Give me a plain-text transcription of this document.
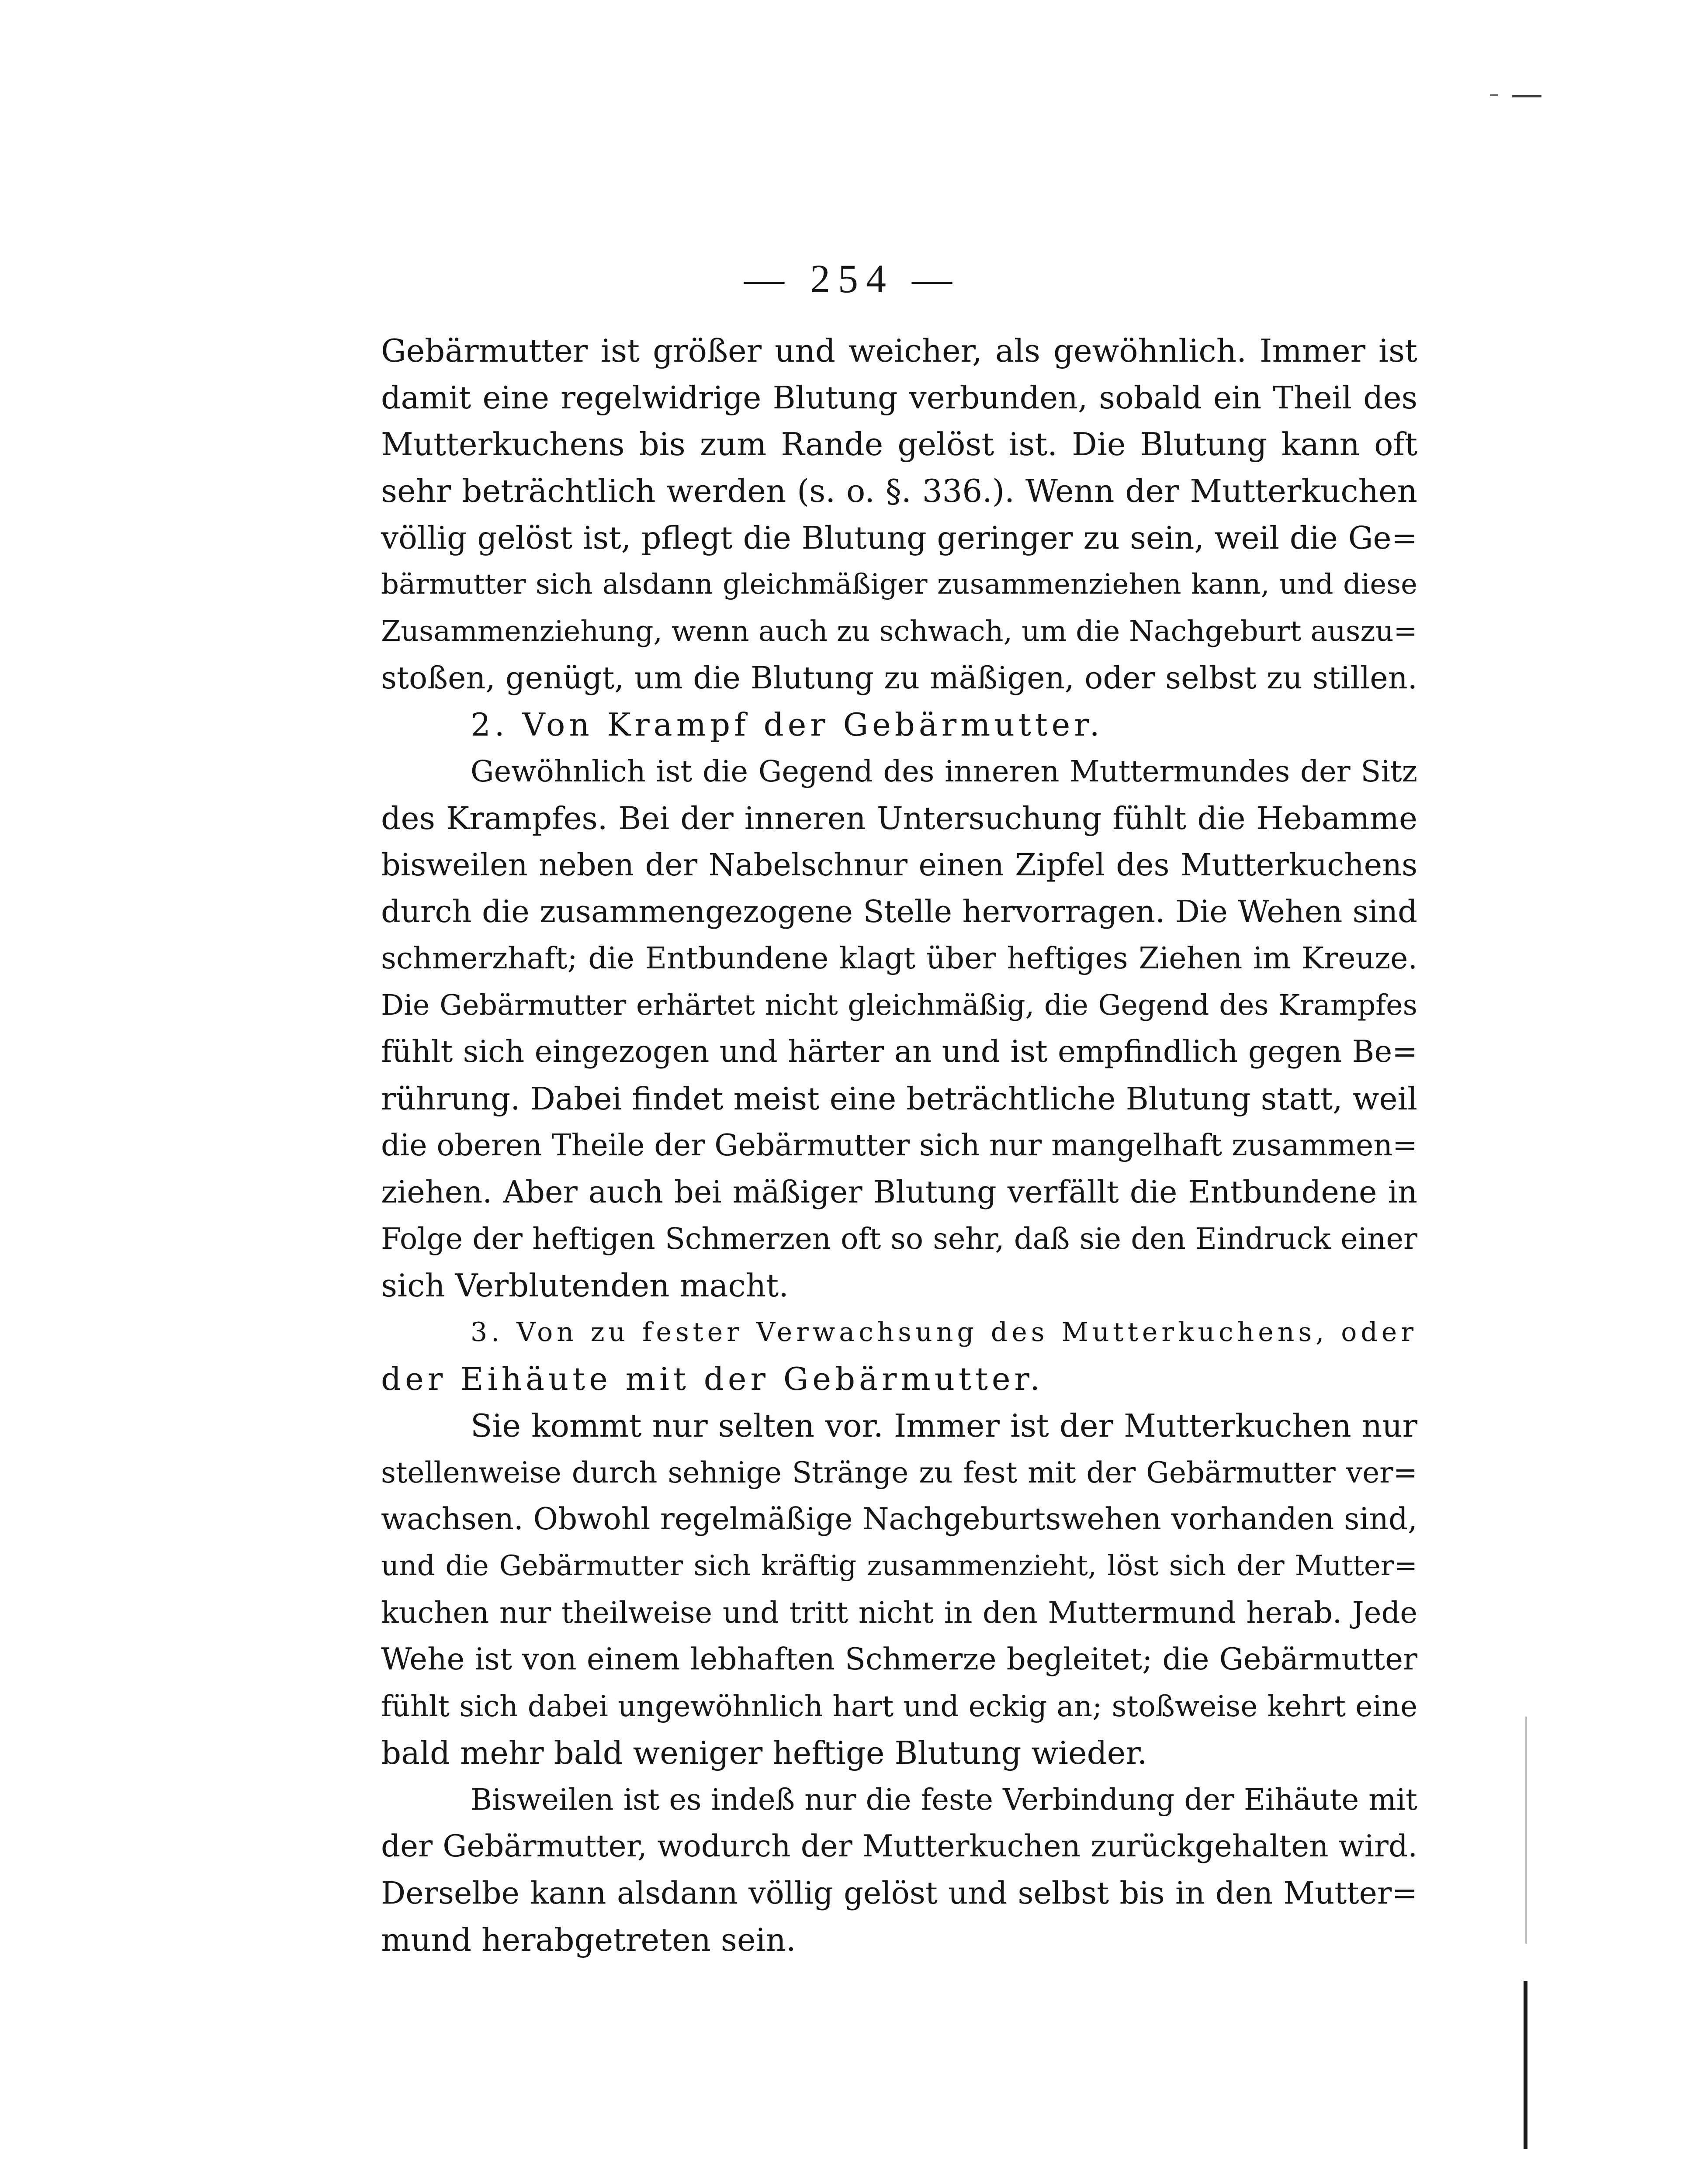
— 254 —
Gebärmutter ist größer und weicher, als gewöhnlich. Immer ist
damit eine regelwidrige Blutung verbunden, sobald ein Theil des
Mutterkuchens bis zum Rande gelöst ist. Die Blutung kann oft
sehr beträchtlich werden (s. o. §. 336.). Wenn der Mutterkuchen
völlig gelöst ist, pflegt die Blutung geringer zu sein, weil die Ge=
bärmutter sich alsdann gleichmäßiger zusammenziehen kann, und diese
Zusammenziehung, wenn auch zu schwach, um die Nachgeburt auszu=
stoßen, genügt, um die Blutung zu mäßigen, oder selbst zu stillen.
2. Von Krampf der Gebärmutter.
Gewöhnlich ist die Gegend des inneren Muttermundes der Sitz
des Krampfes. Bei der inneren Untersuchung fühlt die Hebamme
bisweilen neben der Nabelschnur einen Zipfel des Mutterkuchens
durch die zusammengezogene Stelle hervorragen. Die Wehen sind
schmerzhaft; die Entbundene klagt über heftiges Ziehen im Kreuze.
Die Gebärmutter erhärtet nicht gleichmäßig, die Gegend des Krampfes
fühlt sich eingezogen und härter an und ist empfindlich gegen Be=
rührung. Dabei findet meist eine beträchtliche Blutung statt, weil
die oberen Theile der Gebärmutter sich nur mangelhaft zusammen=
ziehen. Aber auch bei mäßiger Blutung verfällt die Entbundene in
Folge der heftigen Schmerzen oft so sehr, daß sie den Eindruck einer
sich Verblutenden macht.
3. Von zu fester Verwachsung des Mutterkuchens, oder
der Eihäute mit der Gebärmutter.
Sie kommt nur selten vor. Immer ist der Mutterkuchen nur
stellenweise durch sehnige Stränge zu fest mit der Gebärmutter ver=
wachsen. Obwohl regelmäßige Nachgeburtswehen vorhanden sind,
und die Gebärmutter sich kräftig zusammenzieht, löst sich der Mutter=
kuchen nur theilweise und tritt nicht in den Muttermund herab. Jede
Wehe ist von einem lebhaften Schmerze begleitet; die Gebärmutter
fühlt sich dabei ungewöhnlich hart und eckig an; stoßweise kehrt eine
bald mehr bald weniger heftige Blutung wieder.
Bisweilen ist es indeß nur die feste Verbindung der Eihäute mit
der Gebärmutter, wodurch der Mutterkuchen zurückgehalten wird.
Derselbe kann alsdann völlig gelöst und selbst bis in den Mutter=
mund herabgetreten sein.
